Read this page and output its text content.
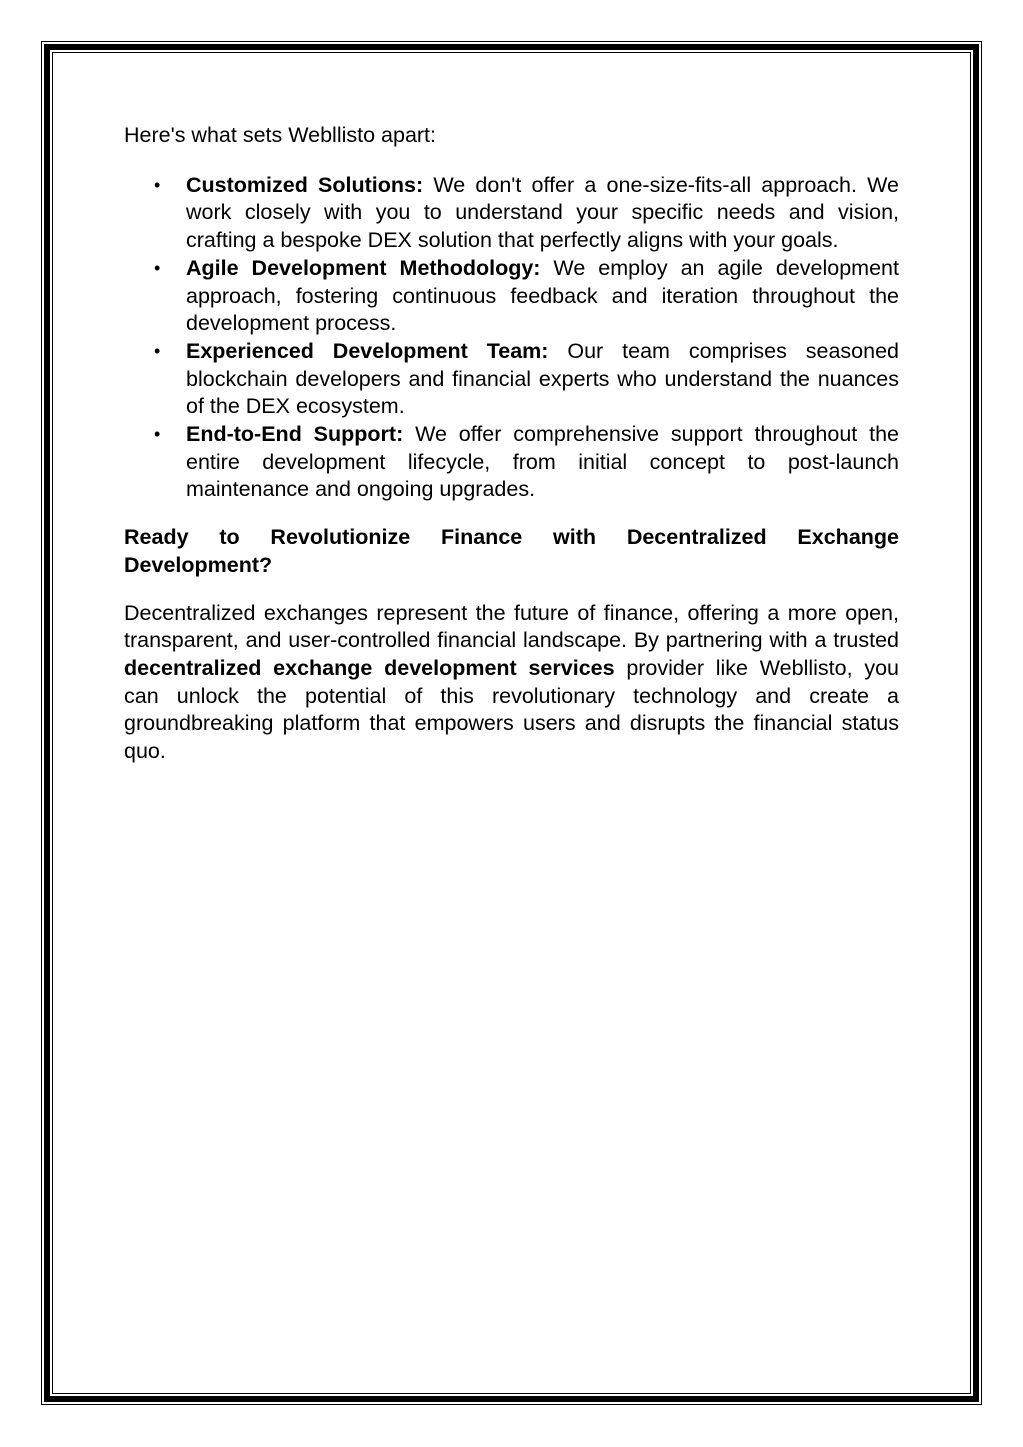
Here's what sets Webllisto apart:

• Customized Solutions: We don't offer a one-size-fits-all approach. We work closely with you to understand your specific needs and vision, crafting a bespoke DEX solution that perfectly aligns with your goals.
• Agile Development Methodology: We employ an agile development approach, fostering continuous feedback and iteration throughout the development process.
• Experienced Development Team: Our team comprises seasoned blockchain developers and financial experts who understand the nuances of the DEX ecosystem.
• End-to-End Support: We offer comprehensive support throughout the entire development lifecycle, from initial concept to post-launch maintenance and ongoing upgrades.

Ready to Revolutionize Finance with Decentralized Exchange Development?

Decentralized exchanges represent the future of finance, offering a more open, transparent, and user-controlled financial landscape. By partnering with a trusted decentralized exchange development services provider like Webllisto, you can unlock the potential of this revolutionary technology and create a groundbreaking platform that empowers users and disrupts the financial status quo.
